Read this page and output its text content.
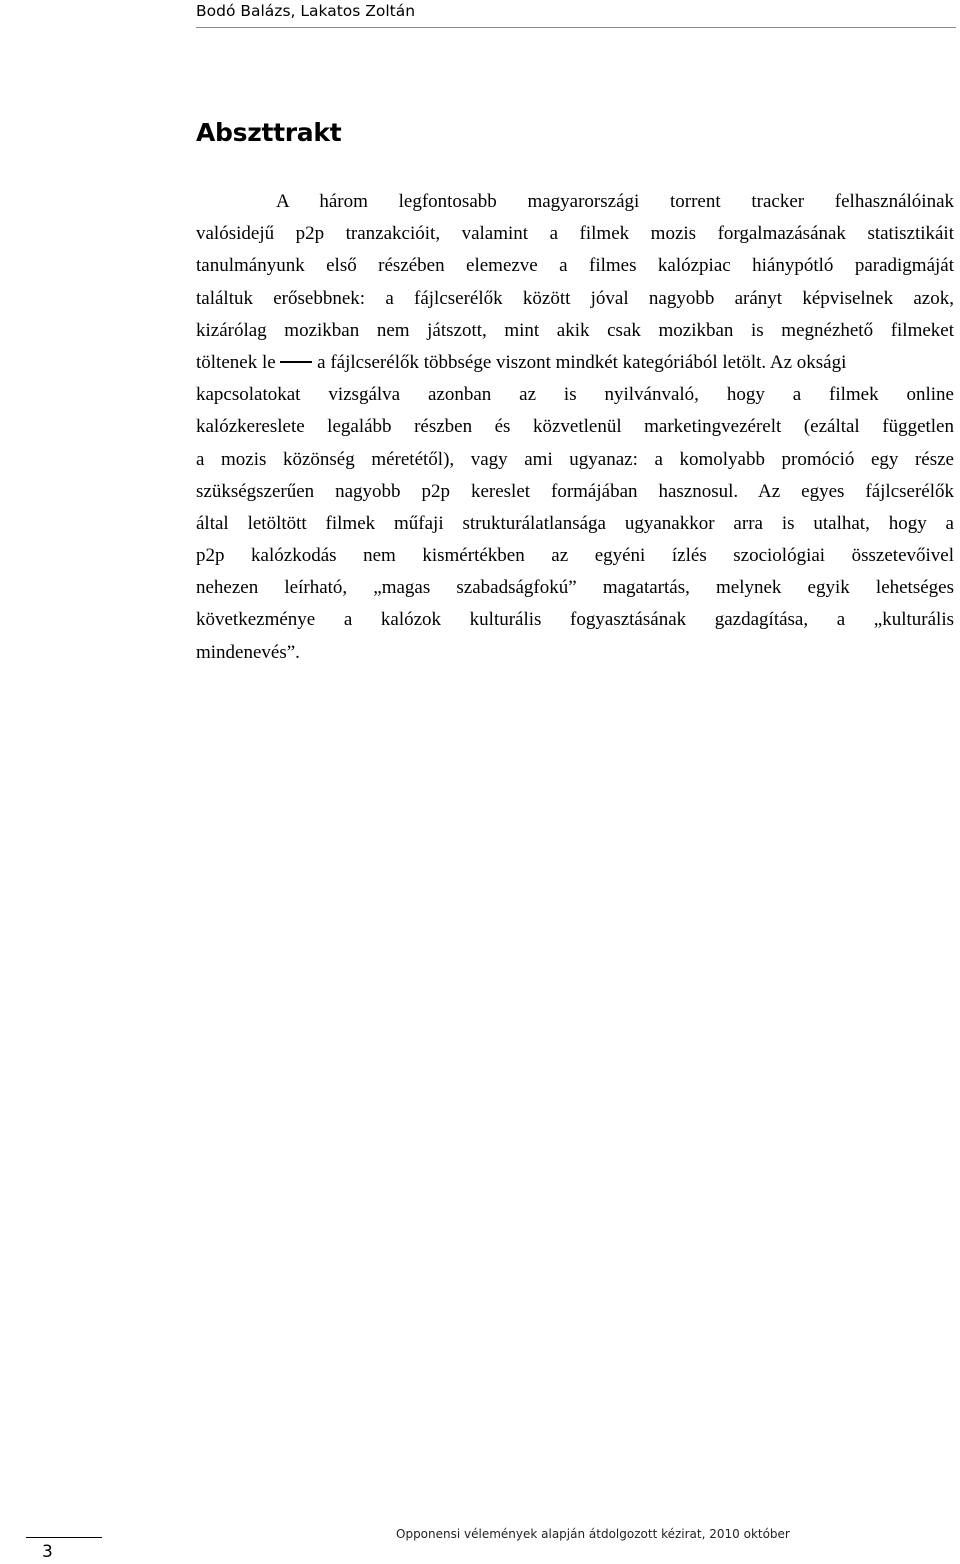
Bodó Balázs, Lakatos Zoltán
Abszttrakt
A három legfontosabb magyarországi torrent tracker felhasználóinak
valósidejű p2p tranzakcióit, valamint a filmek mozis forgalmazásának statisztikáit
tanulmányunk első részében elemezve a filmes kalózpiac hiánypótló paradigmáját
találtuk erősebbnek: a fájlcserélők között jóval nagyobb arányt képviselnek azok,
kizárólag mozikban nem játszott, mint akik csak mozikban is megnézhető filmeket
töltenek le a fájlcserélők többsége viszont mindkét kategóriából letölt. Az oksági
kapcsolatokat vizsgálva azonban az is nyilvánvaló, hogy a filmek online
kalózkereslete legalább részben és közvetlenül marketingvezérelt (ezáltal független
a mozis közönség méretétől), vagy ami ugyanaz: a komolyabb promóció egy része
szükségszerűen nagyobb p2p kereslet formájában hasznosul. Az egyes fájlcserélők
által letöltött filmek műfaji strukturálatlansága ugyanakkor arra is utalhat, hogy a
p2p kalózkodás nem kismértékben az egyéni ízlés szociológiai összetevőivel
nehezen leírható, „magas szabadságfokú” magatartás, melynek egyik lehetséges
következménye a kalózok kulturális fogyasztásának gazdagítása, a „kulturális
mindenevés”.
3
Opponensi vélemények alapján átdolgozott kézirat, 2010 október
